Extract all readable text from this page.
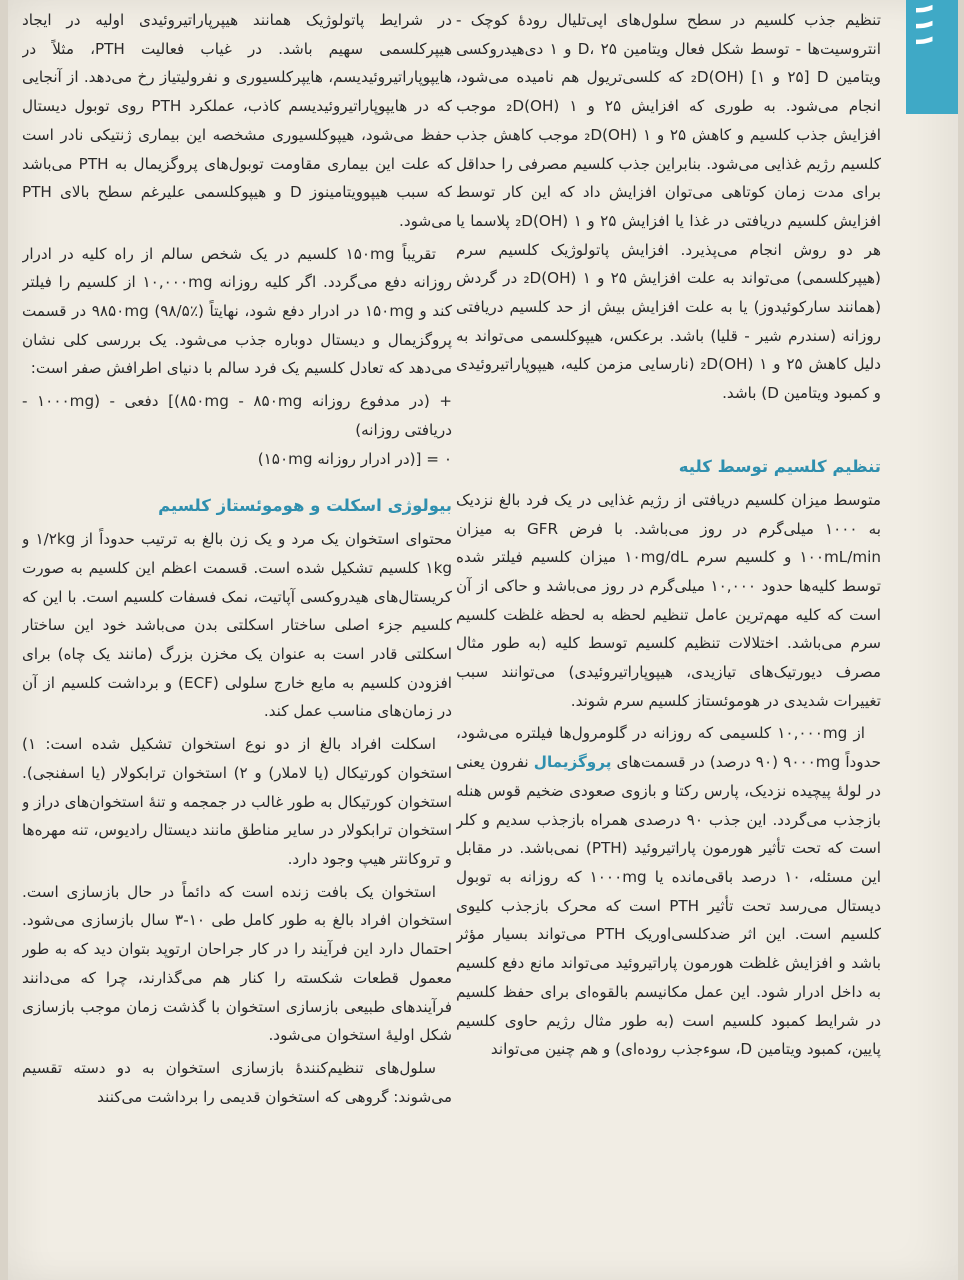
۱۱۱

تنظیم جذب کلسیم در سطح سلول‌های اپی‌تلیال رودهٔ کوچک - انتروسیت‌ها - توسط شکل فعال ویتامین D، ۲۵ و ۱ دی‌هیدروکسی ویتامین D [۲۵ و ۱] (OH)₂D که کلسی‌تریول هم نامیده می‌شود، انجام می‌شود. به طوری که افزایش ۲۵ و ۱ (OH)₂D موجب افزایش جذب کلسیم و کاهش ۲۵ و ۱ (OH)₂D موجب کاهش جذب کلسیم رژیم غذایی می‌شود. بنابراین جذب کلسیم مصرفی را حداقل برای مدت زمان کوتاهی می‌توان افزایش داد که این کار توسط افزایش کلسیم دریافتی در غذا یا افزایش ۲۵ و ۱ (OH)₂D پلاسما یا هر دو روش انجام می‌پذیرد. افزایش پاتولوژیک کلسیم سرم (هیپرکلسمی) می‌تواند به علت افزایش ۲۵ و ۱ (OH)₂D در گردش (همانند سارکوئیدوز) یا به علت افزایش بیش از حد کلسیم دریافتی روزانه (سندرم شیر - قلیا) باشد. برعکس، هیپوکلسمی می‌تواند به دلیل کاهش ۲۵ و ۱ (OH)₂D (نارسایی مزمن کلیه، هیپوپاراتیروئیدی و کمبود ویتامین D) باشد.

تنظیم کلسیم توسط کلیه

متوسط میزان کلسیم دریافتی از رژیم غذایی در یک فرد بالغ نزدیک به ۱۰۰۰ میلی‌گرم در روز می‌باشد. با فرض GFR به میزان ۱۰۰mL/min و کلسیم سرم ۱۰mg/dL میزان کلسیم فیلتر شده توسط کلیه‌ها حدود ۱۰,۰۰۰ میلی‌گرم در روز می‌باشد و حاکی از آن است که کلیه مهم‌ترین عامل تنظیم لحظه به لحظه غلظت کلسیم سرم می‌باشد. اختلالات تنظیم کلسیم توسط کلیه (به طور مثال مصرف دیورتیک‌های تیازیدی، هیپوپاراتیروئیدی) می‌توانند سبب تغییرات شدیدی در هوموئستاز کلسیم سرم شوند.

از ۱۰,۰۰۰mg کلسیمی که روزانه در گلومرول‌ها فیلتره می‌شود، حدوداً ۹۰۰۰mg (۹۰ درصد) در قسمت‌های پروگزیمال نفرون یعنی در لولهٔ پیچیده نزدیک، پارس رکتا و بازوی صعودی ضخیم قوس هنله بازجذب می‌گردد. این جذب ۹۰ درصدی همراه بازجذب سدیم و کلر است که تحت تأثیر هورمون پاراتیروئید (PTH) نمی‌باشد. در مقابل این مسئله، ۱۰ درصد باقی‌مانده یا ۱۰۰۰mg که روزانه به توبول دیستال می‌رسد تحت تأثیر PTH است که محرک بازجذب کلیوی کلسیم است. این اثر ضدکلسی‌اوریک PTH می‌تواند بسیار مؤثر باشد و افزایش غلظت هورمون پاراتیروئید می‌تواند مانع دفع کلسیم به داخل ادرار شود. این عمل مکانیسم بالقوه‌ای برای حفظ کلسیم در شرایط کمبود کلسیم است (به طور مثال رژیم حاوی کلسیم پایین، کمبود ویتامین D، سوءجذب روده‌ای) و هم چنین می‌تواند

در شرایط پاتولوژیک همانند هیپرپاراتیروئیدی اولیه در ایجاد هیپرکلسمی سهیم باشد. در غیاب فعالیت PTH، مثلاً در هایپوپاراتیروئیدیسم، هایپرکلسیوری و نفرولیتیاز رخ می‌دهد. از آنجایی که در هایپوپاراتیروئیدیسم کاذب، عملکرد PTH روی توبول دیستال حفظ می‌شود، هیپوکلسیوری مشخصه این بیماری ژنتیکی نادر است که علت این بیماری مقاومت توبول‌های پروگزیمال به PTH می‌باشد که سبب هیپوویتامینوز D و هیپوکلسمی علیرغم سطح بالای PTH می‌شود.

تقریباً ۱۵۰mg کلسیم در یک شخص سالم از راه کلیه در ادرار روزانه دفع می‌گردد. اگر کلیه روزانه ۱۰,۰۰۰mg از کلسیم را فیلتر کند و ۱۵۰mg در ادرار دفع شود، نهایتاً ۹۸۵۰mg (۹۸/۵٪) در قسمت پروگزیمال و دیستال دوباره جذب می‌شود. یک بررسی کلی نشان می‌دهد که تعادل کلسیم یک فرد سالم با دنیای اطرافش صفر است:

+ (در مدفوع روزانه ۸۵۰mg - ۸۵۰mg)] دفعی - (۱۰۰۰mg - دریافتی روزانه)
۰ = [(در ادرار روزانه ۱۵۰mg)
بیولوژی اسکلت و هوموئستاز کلسیم

محتوای استخوان یک مرد و یک زن بالغ به ترتیب حدوداً از ۱/۲kg و ۱kg کلسیم تشکیل شده است. قسمت اعظم این کلسیم به صورت کریستال‌های هیدروکسی آپاتیت، نمک فسفات کلسیم است. با این که کلسیم جزء اصلی ساختار اسکلتی بدن می‌باشد خود این ساختار اسکلتی قادر است به عنوان یک مخزن بزرگ (مانند یک چاه) برای افزودن کلسیم به مایع خارج سلولی (ECF) و برداشت کلسیم از آن در زمان‌های مناسب عمل کند.

اسکلت افراد بالغ از دو نوع استخوان تشکیل شده است: ۱) استخوان کورتیکال (یا لاملار) و ۲) استخوان ترابکولار (یا اسفنجی). استخوان کورتیکال به طور غالب در جمجمه و تنهٔ استخوان‌های دراز و استخوان ترابکولار در سایر مناطق مانند دیستال رادیوس، تنه مهره‌ها و تروکانتر هیپ وجود دارد.

استخوان یک بافت زنده است که دائماً در حال بازسازی است. استخوان افراد بالغ به طور کامل طی ۱۰-۳ سال بازسازی می‌شود. احتمال دارد این فرآیند را در کار جراحان ارتوپد بتوان دید که به طور معمول قطعات شکسته را کنار هم می‌گذارند، چرا که می‌دانند فرآیندهای طبیعی بازسازی استخوان با گذشت زمان موجب بازسازی شکل اولیهٔ استخوان می‌شود.

سلول‌های تنظیم‌کنندهٔ بازسازی استخوان به دو دسته تقسیم می‌شوند: گروهی که استخوان قدیمی را برداشت می‌کنند
